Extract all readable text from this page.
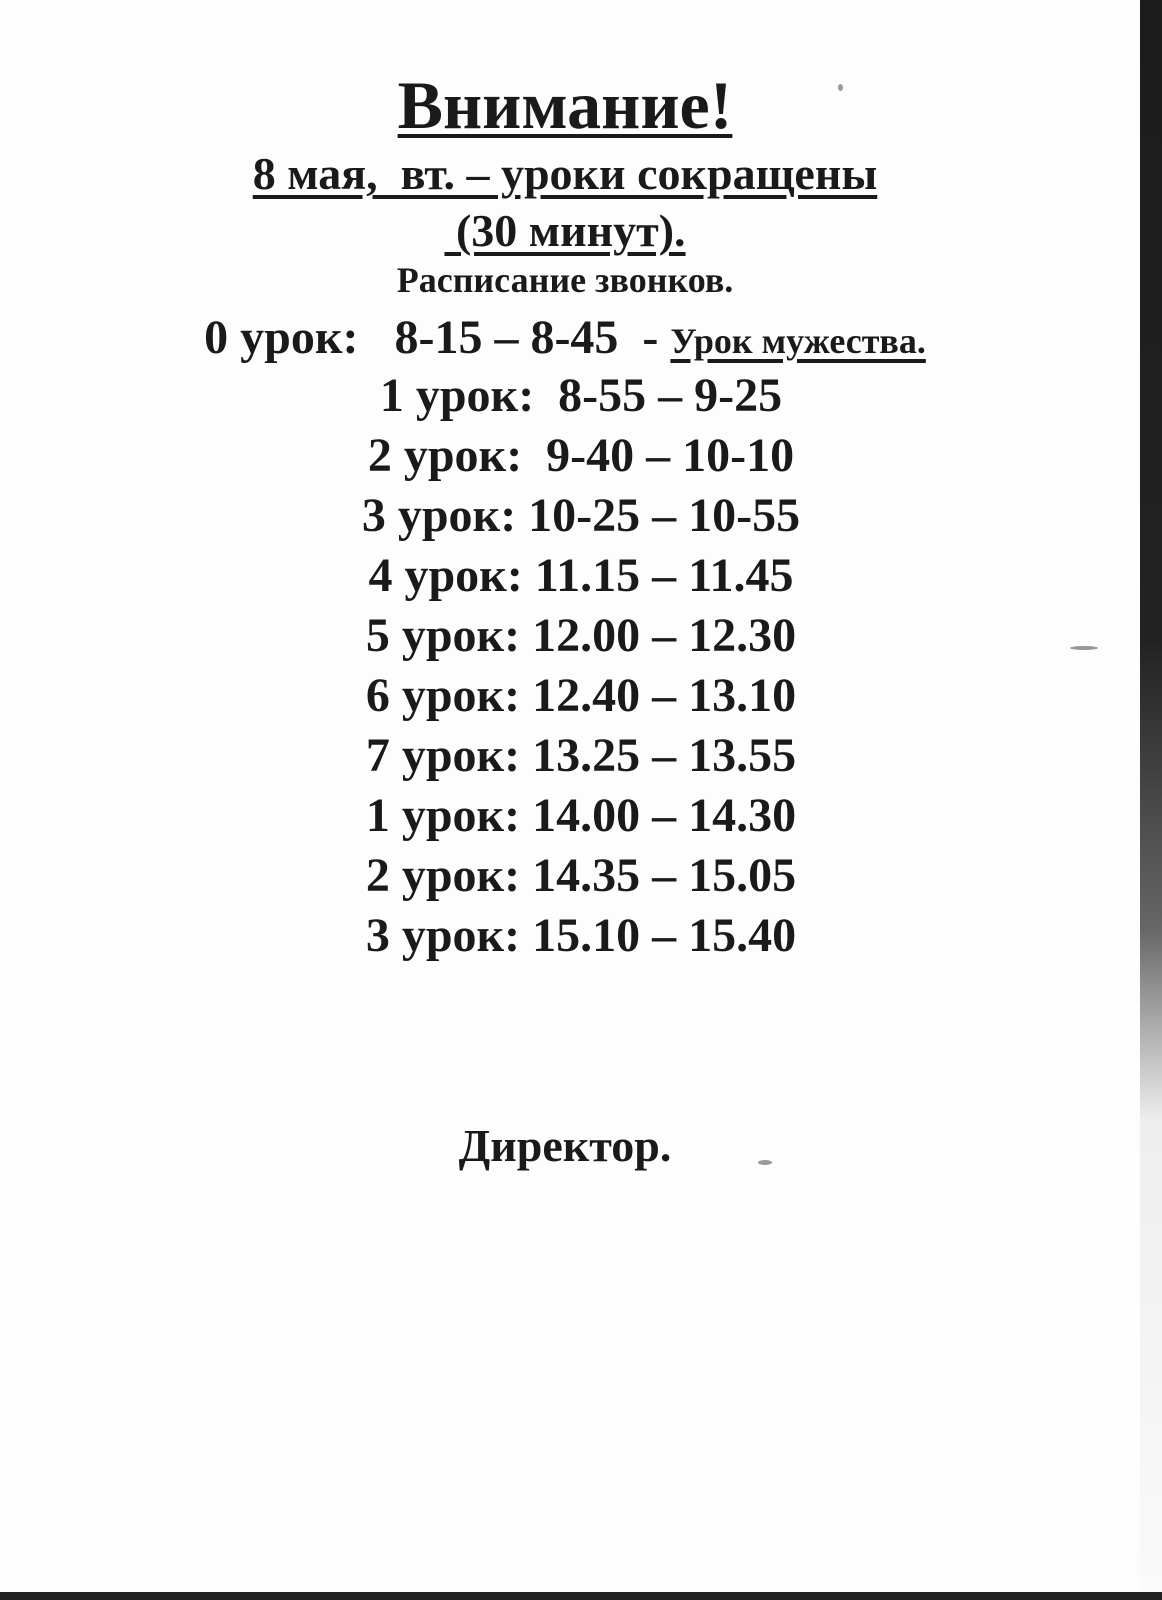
Внимание!
8 мая,  вт. – уроки сокращены
(30 минут).
Расписание звонков.
0 урок:   8-15 – 8-45  - Урок мужества.
1 урок:  8-55 – 9-25
2 урок:  9-40 – 10-10
3 урок: 10-25 – 10-55
4 урок: 11.15 – 11.45
5 урок: 12.00 – 12.30
6 урок: 12.40 – 13.10
7 урок: 13.25 – 13.55
1 урок: 14.00 – 14.30
2 урок: 14.35 – 15.05
3 урок: 15.10 – 15.40
Директор.
